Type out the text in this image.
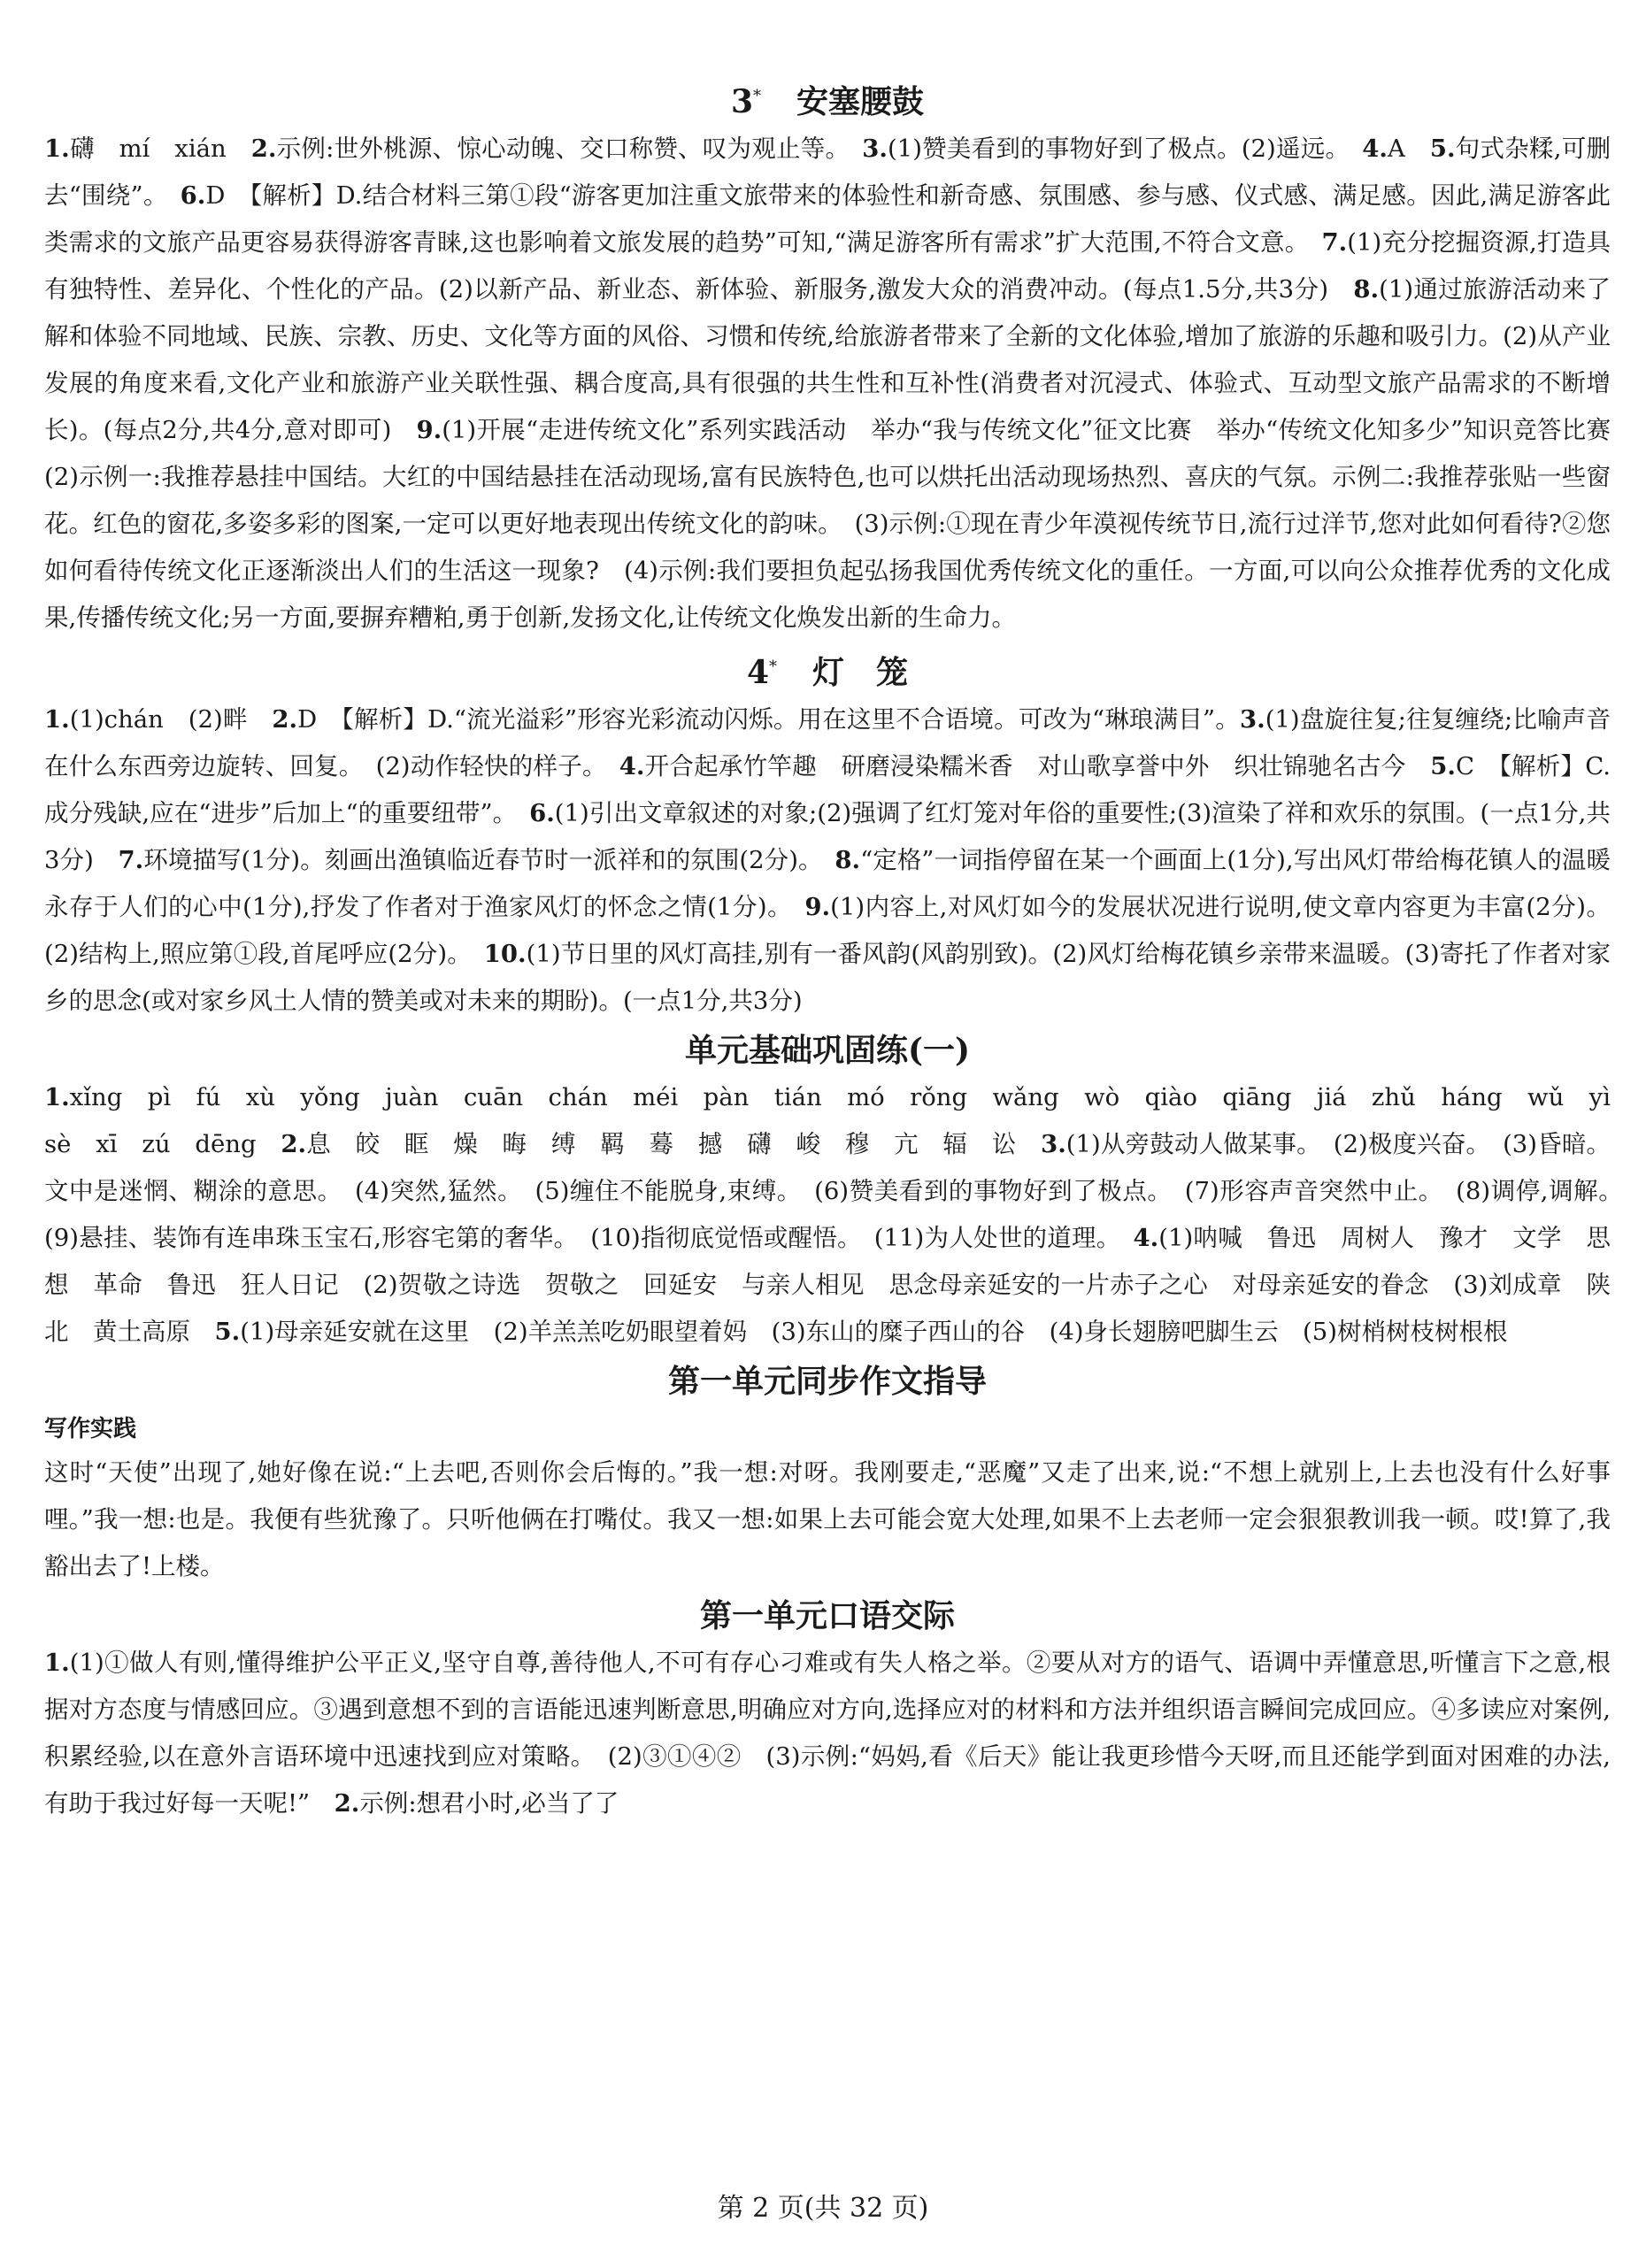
3* 安塞腰鼓

1.礴　mí　xián　2.示例:世外桃源、惊心动魄、交口称赞、叹为观止等。　3.(1)赞美看到的事物好到了极点。(2)遥远。　4.A　5.句式杂糅,可删去“围绕”。　6.D　【解析】D.结合材料三第①段“游客更加注重文旅带来的体验性和新奇感、氛围感、参与感、仪式感、满足感。因此,满足游客此类需求的文旅产品更容易获得游客青睐,这也影响着文旅发展的趋势”可知,“满足游客所有需求”扩大范围,不符合文意。　7.(1)充分挖掘资源,打造具有独特性、差异化、个性化的产品。(2)以新产品、新业态、新体验、新服务,激发大众的消费冲动。(每点1.5分,共3分)　8.(1)通过旅游活动来了解和体验不同地域、民族、宗教、历史、文化等方面的风俗、习惯和传统,给旅游者带来了全新的文化体验,增加了旅游的乐趣和吸引力。(2)从产业发展的角度来看,文化产业和旅游产业关联性强、耦合度高,具有很强的共生性和互补性(消费者对沉浸式、体验式、互动型文旅产品需求的不断增长)。(每点2分,共4分,意对即可)　9.(1)开展“走进传统文化”系列实践活动　举办“我与传统文化”征文比赛　举办“传统文化知多少”知识竞答比赛　(2)示例一:我推荐悬挂中国结。大红的中国结悬挂在活动现场,富有民族特色,也可以烘托出活动现场热烈、喜庆的气氛。示例二:我推荐张贴一些窗花。红色的窗花,多姿多彩的图案,一定可以更好地表现出传统文化的韵味。　(3)示例:①现在青少年漠视传统节日,流行过洋节,您对此如何看待?②您如何看待传统文化正逐渐淡出人们的生活这一现象?　(4)示例:我们要担负起弘扬我国优秀传统文化的重任。一方面,可以向公众推荐优秀的文化成果,传播传统文化;另一方面,要摒弃糟粕,勇于创新,发扬文化,让传统文化焕发出新的生命力。

4* 灯　笼

1.(1)chán　(2)畔　2.D　【解析】D.“流光溢彩”形容光彩流动闪烁。用在这里不合语境。可改为“琳琅满目”。3.(1)盘旋往复;往复缠绕;比喻声音在什么东西旁边旋转、回复。　(2)动作轻快的样子。　4.开合起承竹竿趣　研磨浸染糯米香　对山歌享誉中外　织壮锦驰名古今　5.C　【解析】C.成分残缺,应在“进步”后加上“的重要纽带”。　6.(1)引出文章叙述的对象;(2)强调了红灯笼对年俗的重要性;(3)渲染了祥和欢乐的氛围。(一点1分,共3分)　7.环境描写(1分)。刻画出渔镇临近春节时一派祥和的氛围(2分)。　8.“定格”一词指停留在某一个画面上(1分),写出风灯带给梅花镇人的温暖永存于人们的心中(1分),抒发了作者对于渔家风灯的怀念之情(1分)。　9.(1)内容上,对风灯如今的发展状况进行说明,使文章内容更为丰富(2分)。(2)结构上,照应第①段,首尾呼应(2分)。　10.(1)节日里的风灯高挂,别有一番风韵(风韵别致)。(2)风灯给梅花镇乡亲带来温暖。(3)寄托了作者对家乡的思念(或对家乡风土人情的赞美或对未来的期盼)。(一点1分,共3分)

单元基础巩固练(一)

1.xǐng　pì　fú　xù　yǒng　juàn　cuān　chán　méi　pàn　tián　mó　rǒng　wǎng　wò　qiào　qiāng　jiá　zhǔ　háng　wǔ　yì　sè　xī　zú　dēng　2.息　皎　眶　燥　晦　缚　羁　蓦　撼　礴　峻　穆　亢　辐　讼　3.(1)从旁鼓动人做某事。　(2)极度兴奋。　(3)昏暗。文中是迷惘、糊涂的意思。　(4)突然,猛然。　(5)缠住不能脱身,束缚。　(6)赞美看到的事物好到了极点。　(7)形容声音突然中止。　(8)调停,调解。　(9)悬挂、装饰有连串珠玉宝石,形容宅第的奢华。　(10)指彻底觉悟或醒悟。　(11)为人处世的道理。　4.(1)呐喊　鲁迅　周树人　豫才　文学　思想　革命　鲁迅　狂人日记　(2)贺敬之诗选　贺敬之　回延安　与亲人相见　思念母亲延安的一片赤子之心　对母亲延安的眷念　(3)刘成章　陕北　黄土高原　5.(1)母亲延安就在这里　(2)羊羔羔吃奶眼望着妈　(3)东山的糜子西山的谷　(4)身长翅膀吧脚生云　(5)树梢树枝树根根

第一单元同步作文指导
写作实践

这时“天使”出现了,她好像在说:“上去吧,否则你会后悔的。”我一想:对呀。我刚要走,“恶魔”又走了出来,说:“不想上就别上,上去也没有什么好事哩。”我一想:也是。我便有些犹豫了。只听他俩在打嘴仗。我又一想:如果上去可能会宽大处理,如果不上去老师一定会狠狠教训我一顿。哎!算了,我豁出去了!上楼。

第一单元口语交际

1.(1)①做人有则,懂得维护公平正义,坚守自尊,善待他人,不可有存心刁难或有失人格之举。②要从对方的语气、语调中弄懂意思,听懂言下之意,根据对方态度与情感回应。③遇到意想不到的言语能迅速判断意思,明确应对方向,选择应对的材料和方法并组织语言瞬间完成回应。④多读应对案例,积累经验,以在意外言语环境中迅速找到应对策略。　(2)③①④②　(3)示例:“妈妈,看《后天》能让我更珍惜今天呀,而且还能学到面对困难的办法,有助于我过好每一天呢!”　2.示例:想君小时,必当了了

第 2 页(共 32 页)
